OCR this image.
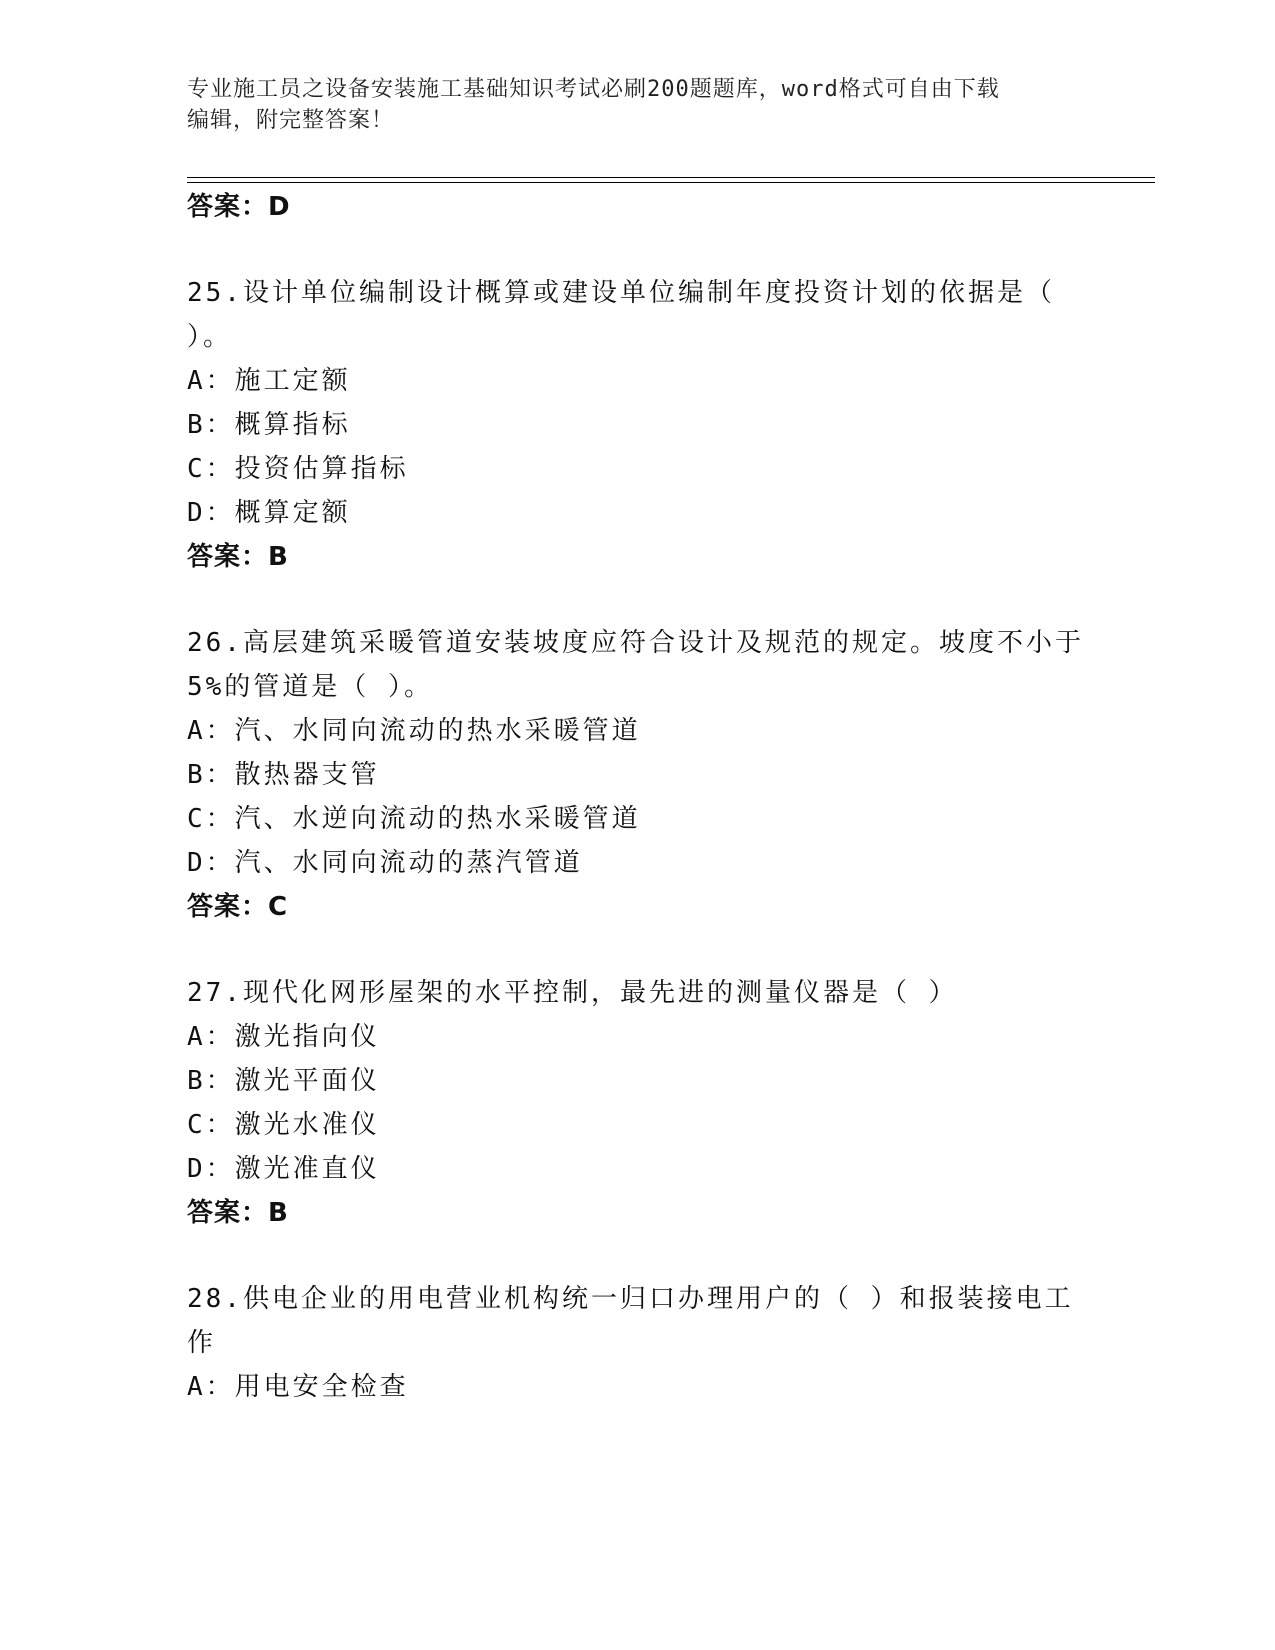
专业施工员之设备安装施工基础知识考试必刷200题题库，word格式可自由下载
编辑，附完整答案！
答案：D
25.设计单位编制设计概算或建设单位编制年度投资计划的依据是（
）。
A：施工定额
B：概算指标
C：投资估算指标
D：概算定额
答案：B
26.高层建筑采暖管道安装坡度应符合设计及规范的规定。坡度不小于
5%的管道是（ ）。
A：汽、水同向流动的热水采暖管道
B：散热器支管
C：汽、水逆向流动的热水采暖管道
D：汽、水同向流动的蒸汽管道
答案：C
27.现代化网形屋架的水平控制，最先进的测量仪器是（ ）
A：激光指向仪
B：激光平面仪
C：激光水准仪
D：激光准直仪
答案：B
28.供电企业的用电营业机构统一归口办理用户的（ ）和报装接电工
作
A：用电安全检查
